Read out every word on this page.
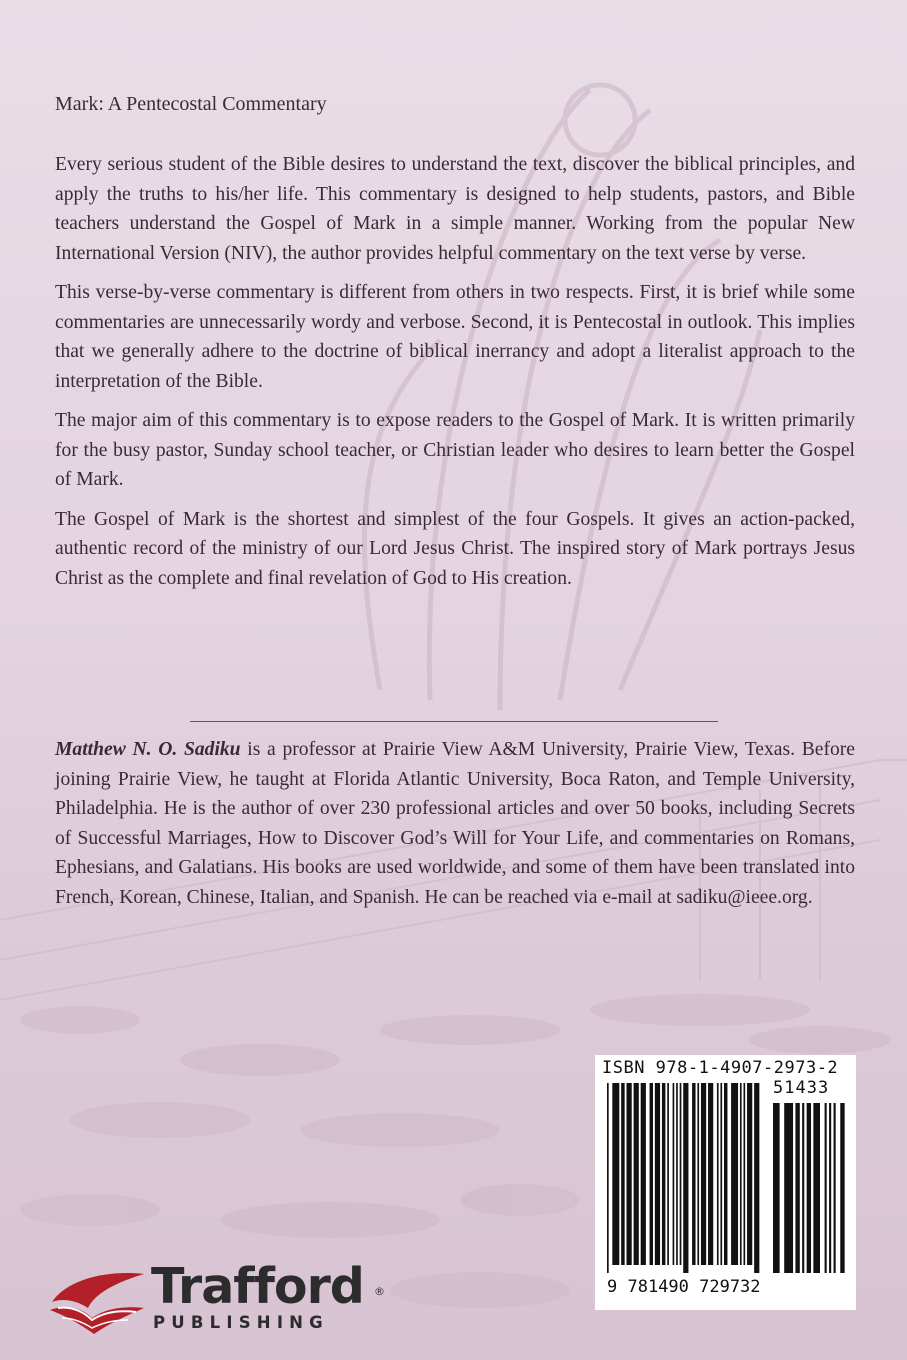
Mark: A Pentecostal Commentary

Every serious student of the Bible desires to understand the text, discover the biblical principles, and apply the truths to his/her life. This commentary is designed to help students, pastors, and Bible teachers understand the Gospel of Mark in a simple manner. Working from the popular New International Version (NIV), the author provides helpful commentary on the text verse by verse.

This verse-by-verse commentary is different from others in two respects. First, it is brief while some commentaries are unnecessarily wordy and verbose. Second, it is Pentecostal in outlook. This implies that we generally adhere to the doctrine of biblical inerrancy and adopt a literalist approach to the interpretation of the Bible.

The major aim of this commentary is to expose readers to the Gospel of Mark. It is written primarily for the busy pastor, Sunday school teacher, or Christian leader who desires to learn better the Gospel of Mark.

The Gospel of Mark is the shortest and simplest of the four Gospels. It gives an action-packed, authentic record of the ministry of our Lord Jesus Christ. The inspired story of Mark portrays Jesus Christ as the complete and final revelation of God to His creation.

Matthew N. O. Sadiku is a professor at Prairie View A&M University, Prairie View, Texas. Before joining Prairie View, he taught at Florida Atlantic University, Boca Raton, and Temple University, Philadelphia. He is the author of over 230 professional articles and over 50 books, including Secrets of Successful Marriages, How to Discover God’s Will for Your Life, and commentaries on Romans, Ephesians, and Galatians. His books are used worldwide, and some of them have been translated into French, Korean, Chinese, Italian, and Spanish. He can be reached via e-mail at sadiku@ieee.org.

ISBN 978-1-4907-2973-2
51433
9 781490 729732
Trafford ®
PUBLISHING
